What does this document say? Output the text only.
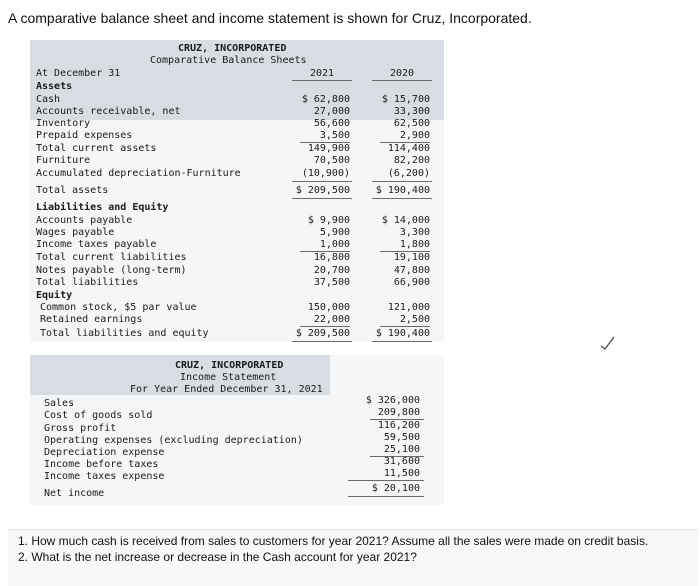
A comparative balance sheet and income statement is shown for Cruz, Incorporated.
CRUZ, INCORPORATED
Comparative Balance Sheets
At December 31	2021	2020
Assets
Cash	$ 62,800	$ 15,700
Accounts receivable, net	27,000	33,300
Inventory	56,600	62,500
Prepaid expenses	3,500	2,900
Total current assets	149,900	114,400
Furniture	70,500	82,200
Accumulated depreciation-Furniture	(10,900)	(6,200)
Total assets	$ 209,500	$ 190,400
Liabilities and Equity
Accounts payable	$ 9,900	$ 14,000
Wages payable	5,900	3,300
Income taxes payable	1,000	1,800
Total current liabilities	16,800	19,100
Notes payable (long-term)	20,700	47,800
Total liabilities	37,500	66,900
Equity
Common stock, $5 par value	150,000	121,000
Retained earnings	22,000	2,500
Total liabilities and equity	$ 209,500	$ 190,400
CRUZ, INCORPORATED
Income Statement
For Year Ended December 31, 2021
Sales	$ 326,000
Cost of goods sold	209,800
Gross profit	116,200
Operating expenses (excluding depreciation)	59,500
Depreciation expense	25,100
Income before taxes	31,600
Income taxes expense	11,500
Net income	$ 20,100
1. How much cash is received from sales to customers for year 2021? Assume all the sales were made on credit basis.
2. What is the net increase or decrease in the Cash account for year 2021?
